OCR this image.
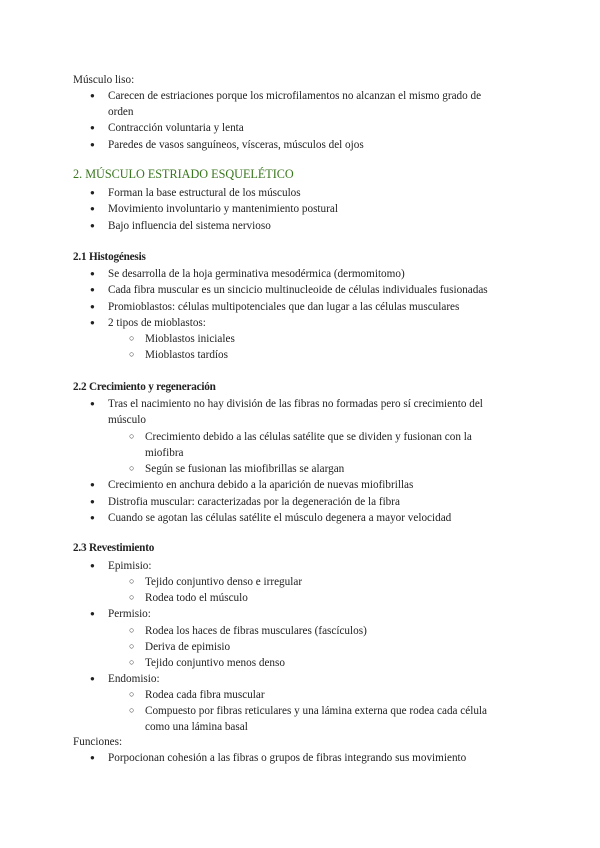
Músculo liso:
● Carecen de estriaciones porque los microfilamentos no alcanzan el mismo grado de
orden
● Contracción voluntaria y lenta
● Paredes de vasos sanguíneos, vísceras, músculos del ojos
2. MÚSCULO ESTRIADO ESQUELÉTICO
● Forman la base estructural de los músculos
● Movimiento involuntario y mantenimiento postural
● Bajo influencia del sistema nervioso
2.1 Histogénesis
● Se desarrolla de la hoja germinativa mesodérmica (dermomitomo)
● Cada fibra muscular es un sincicio multinucleoide de células individuales fusionadas
● Promioblastos: células multipotenciales que dan lugar a las células musculares
● 2 tipos de mioblastos:
○ Mioblastos iniciales
○ Mioblastos tardíos
2.2 Crecimiento y regeneración
● Tras el nacimiento no hay división de las fibras no formadas pero sí crecimiento del
músculo
○ Crecimiento debido a las células satélite que se dividen y fusionan con la
miofibra
○ Según se fusionan las miofibrillas se alargan
● Crecimiento en anchura debido a la aparición de nuevas miofibrillas
● Distrofia muscular: caracterizadas por la degeneración de la fibra
● Cuando se agotan las células satélite el músculo degenera a mayor velocidad
2.3 Revestimiento
● Epimisio:
○ Tejido conjuntivo denso e irregular
○ Rodea todo el músculo
● Permisio:
○ Rodea los haces de fibras musculares (fascículos)
○ Deriva de epimisio
○ Tejido conjuntivo menos denso
● Endomisio:
○ Rodea cada fibra muscular
○ Compuesto por fibras reticulares y una lámina externa que rodea cada célula
como una lámina basal
Funciones:
● Porpocionan cohesión a las fibras o grupos de fibras integrando sus movimiento
